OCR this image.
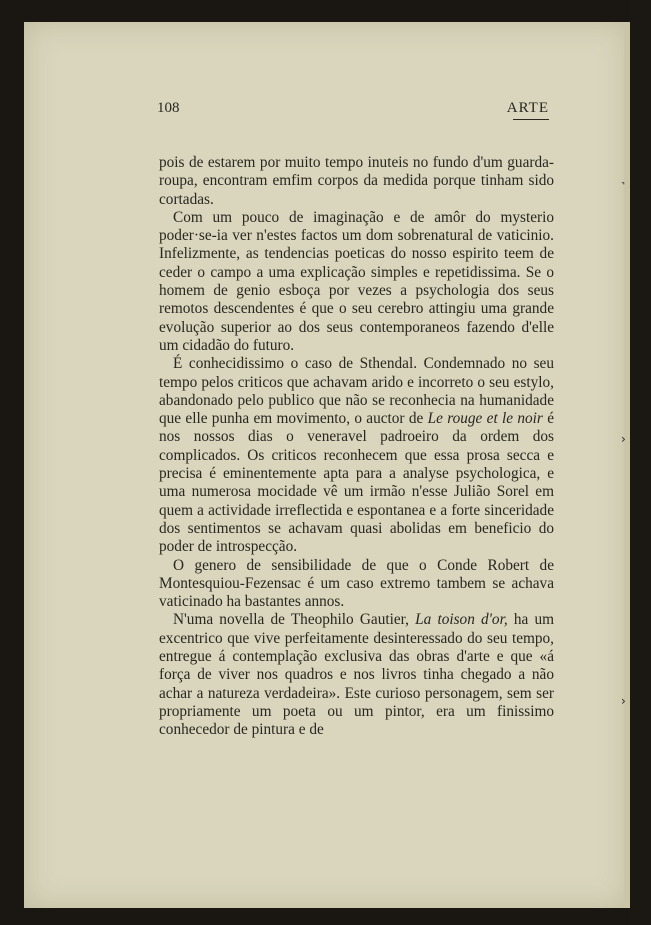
108	ARTE

pois de estarem por muito tempo inuteis no fundo d'um guarda-roupa, encontram emfim corpos da medida porque tinham sido cortadas.

Com um pouco de imaginação e de amôr do mysterio poder·se-ia ver n'estes factos um dom sobrenatural de vaticinio. Infelizmente, as tendencias poeticas do nosso espirito teem de ceder o campo a uma explicação simples e repetidissima. Se o homem de genio esboça por vezes a psychologia dos seus remotos descendentes é que o seu cerebro attingiu uma grande evolução superior ao dos seus contemporaneos fazendo d'elle um cidadão do futuro.

É conhecidissimo o caso de Sthendal. Condemnado no seu tempo pelos criticos que achavam arido e incorreto o seu estylo, abandonado pelo publico que não se reconhecia na humanidade que elle punha em movimento, o auctor de Le rouge et le noir é nos nossos dias o veneravel padroeiro da ordem dos complicados. Os criticos reconhecem que essa prosa secca e precisa é eminentemente apta para a analyse psychologica, e uma numerosa mocidade vê um irmão n'esse Julião Sorel em quem a actividade irreflectida e espontanea e a forte sinceridade dos sentimentos se achavam quasi abolidas em beneficio do poder de introspecção.

O genero de sensibilidade de que o Conde Robert de Montesquiou-Fezensac é um caso extremo tambem se achava vaticinado ha bastantes annos.

N'uma novella de Theophilo Gautier, La toison d'or, ha um excentrico que vive perfeitamente desinteressado do seu tempo, entregue á contemplação exclusiva das obras d'arte e que «á força de viver nos quadros e nos livros tinha chegado a não achar a natureza verdadeira». Este curioso personagem, sem ser propriamente um poeta ou um pintor, era um finissimo conhecedor de pintura e de

˺
›
›
